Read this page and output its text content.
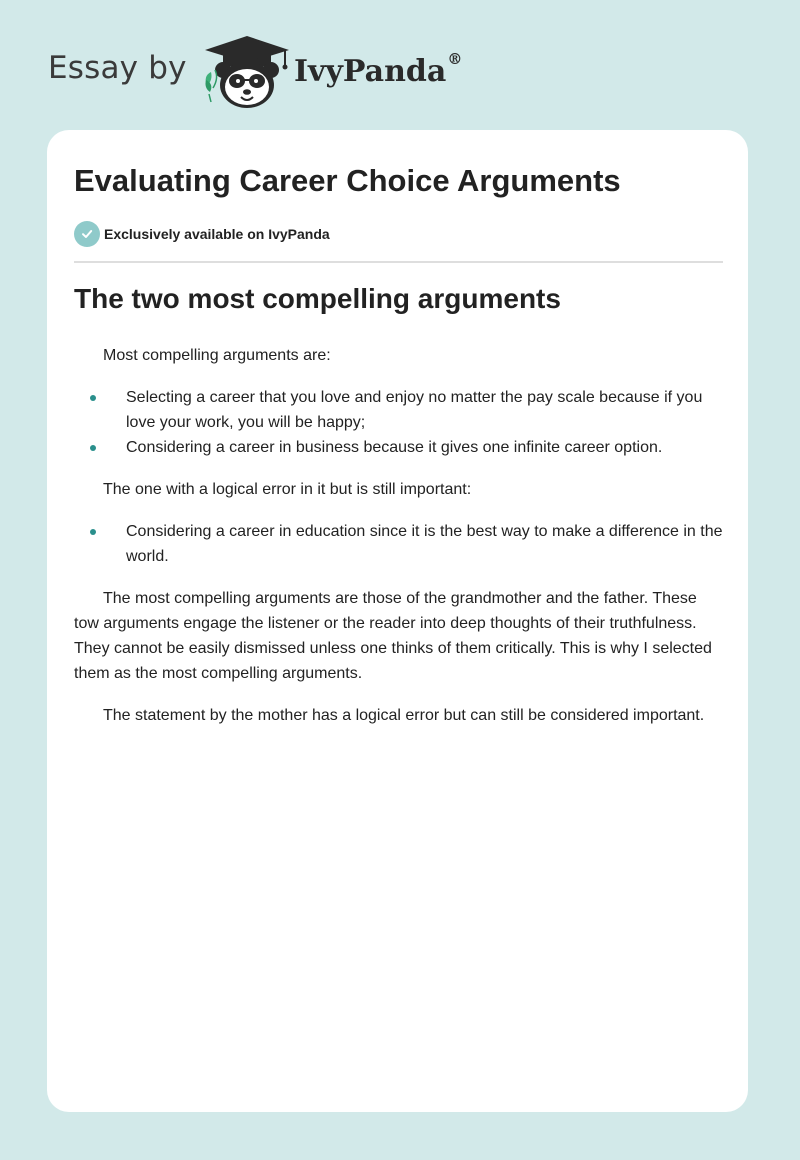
Essay by	IvyPanda®
Evaluating Career Choice Arguments
Exclusively available on IvyPanda
The two most compelling arguments

Most compelling arguments are:

Selecting a career that you love and enjoy no matter the pay scale because if you love your work, you will be happy;
Considering a career in business because it gives one infinite career option.

The one with a logical error in it but is still important:

Considering a career in education since it is the best way to make a difference in the world.

The most compelling arguments are those of the grandmother and the father. These tow arguments engage the listener or the reader into deep thoughts of their truthfulness. They cannot be easily dismissed unless one thinks of them critically. This is why I selected them as the most compelling arguments.

The statement by the mother has a logical error but can still be considered important.
